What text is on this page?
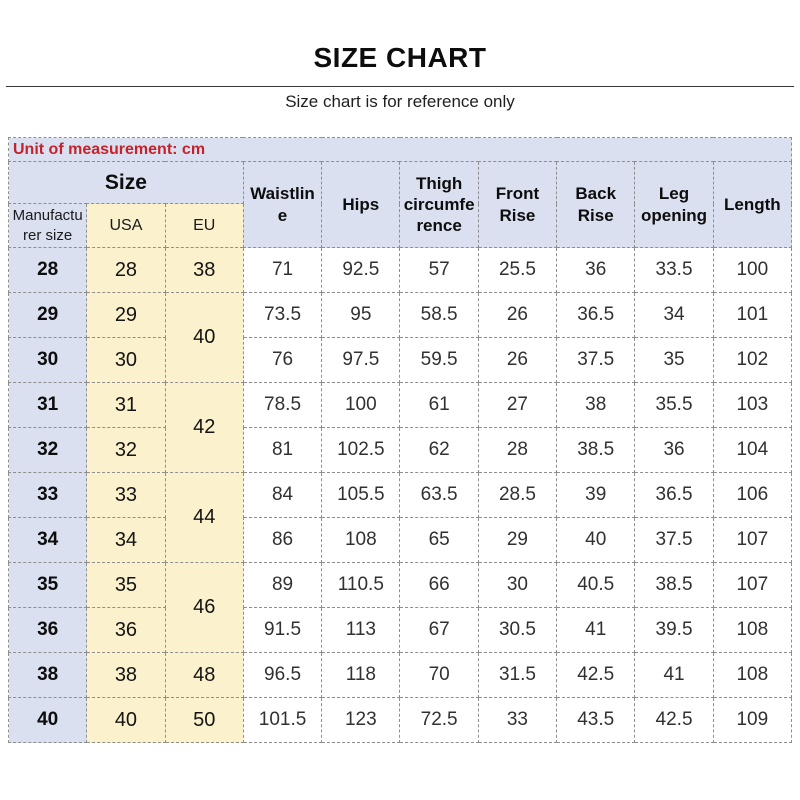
SIZE CHART
Size chart is for reference only
Unit of measurement: cm									
Size			Waistline	Hips	Thigh circumference	Front Rise	Back Rise	Leg opening	Length
Manufacturer size	USA	EU							
28	28	38	71	92.5	57	25.5	36	33.5	100
29	29	40	73.5	95	58.5	26	36.5	34	101
30	30		76	97.5	59.5	26	37.5	35	102
31	31	42	78.5	100	61	27	38	35.5	103
32	32		81	102.5	62	28	38.5	36	104
33	33	44	84	105.5	63.5	28.5	39	36.5	106
34	34		86	108	65	29	40	37.5	107
35	35	46	89	110.5	66	30	40.5	38.5	107
36	36		91.5	113	67	30.5	41	39.5	108
38	38	48	96.5	118	70	31.5	42.5	41	108
40	40	50	101.5	123	72.5	33	43.5	42.5	109
